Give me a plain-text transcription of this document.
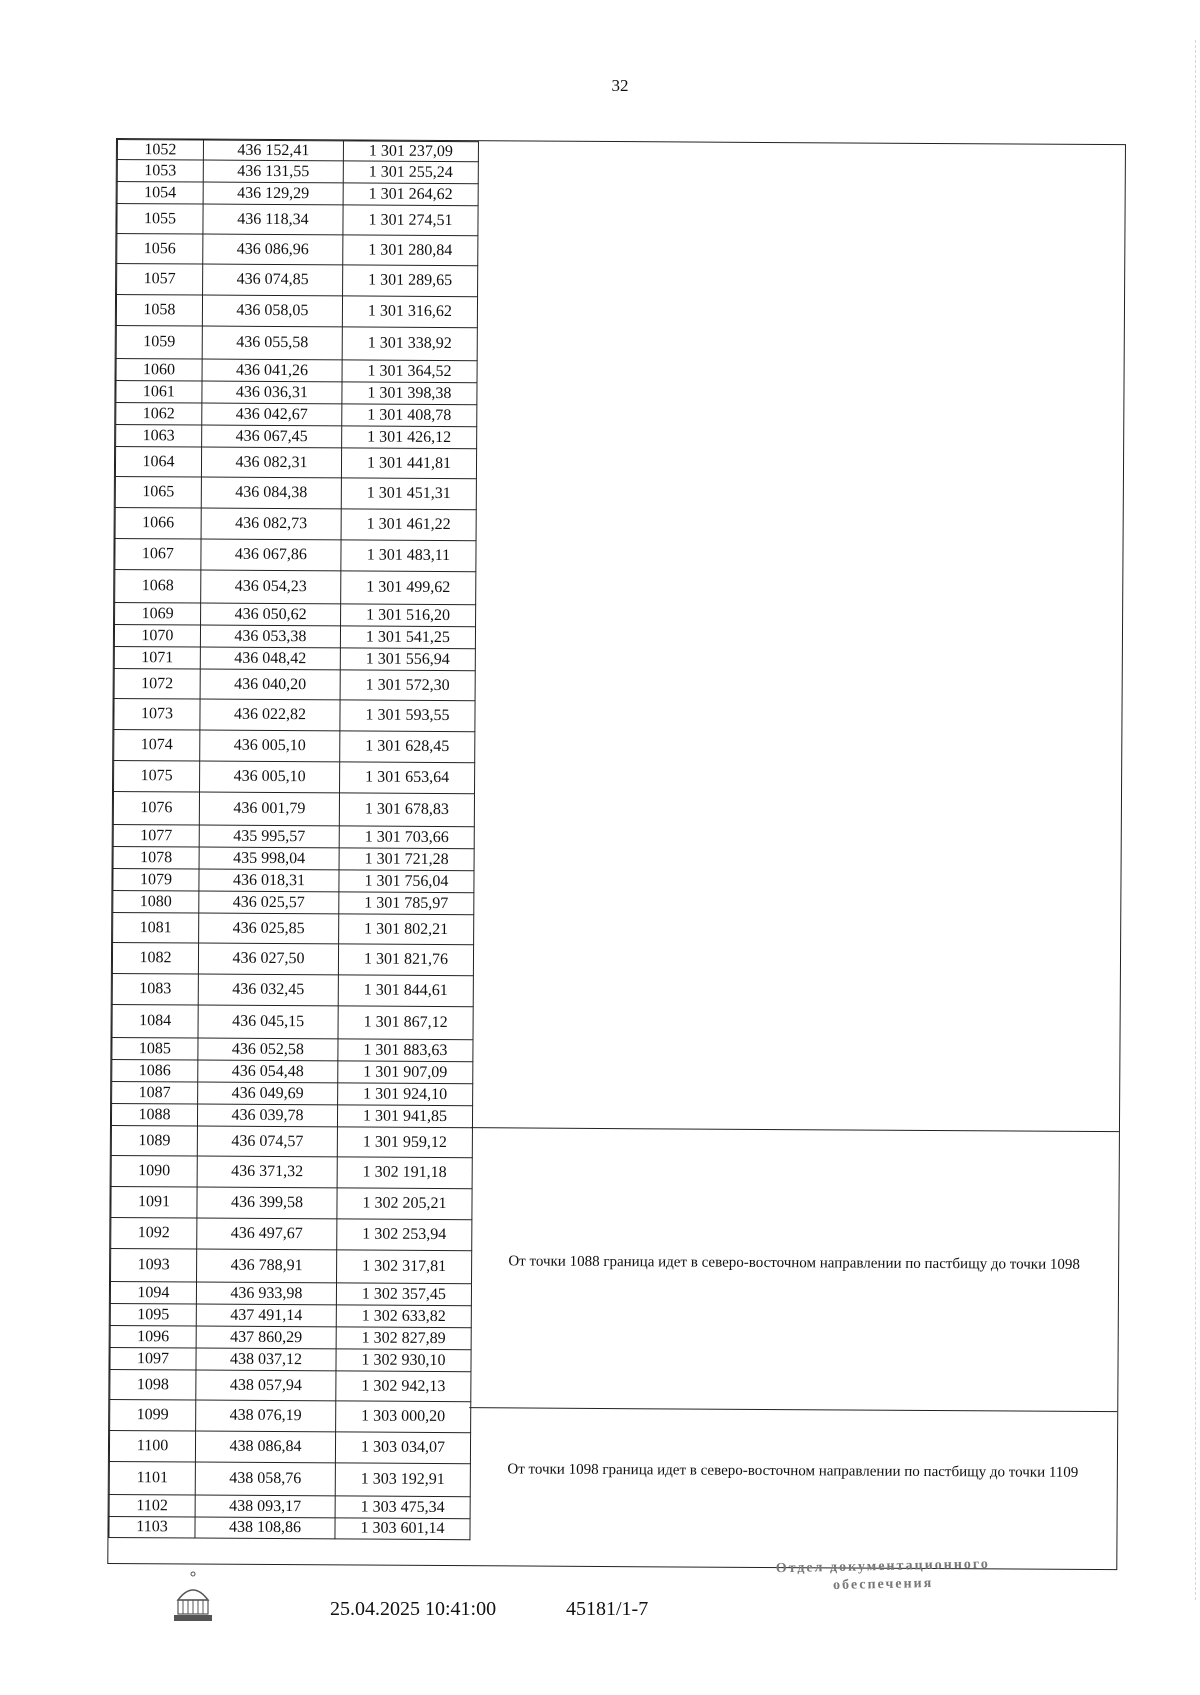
32
1052	436 152,41	1 301 237,09
1053	436 131,55	1 301 255,24
1054	436 129,29	1 301 264,62
1055	436 118,34	1 301 274,51
1056	436 086,96	1 301 280,84
1057	436 074,85	1 301 289,65
1058	436 058,05	1 301 316,62
1059	436 055,58	1 301 338,92
1060	436 041,26	1 301 364,52
1061	436 036,31	1 301 398,38
1062	436 042,67	1 301 408,78
1063	436 067,45	1 301 426,12
1064	436 082,31	1 301 441,81
1065	436 084,38	1 301 451,31
1066	436 082,73	1 301 461,22
1067	436 067,86	1 301 483,11
1068	436 054,23	1 301 499,62
1069	436 050,62	1 301 516,20
1070	436 053,38	1 301 541,25
1071	436 048,42	1 301 556,94
1072	436 040,20	1 301 572,30
1073	436 022,82	1 301 593,55
1074	436 005,10	1 301 628,45
1075	436 005,10	1 301 653,64
1076	436 001,79	1 301 678,83
1077	435 995,57	1 301 703,66
1078	435 998,04	1 301 721,28
1079	436 018,31	1 301 756,04
1080	436 025,57	1 301 785,97
1081	436 025,85	1 301 802,21
1082	436 027,50	1 301 821,76
1083	436 032,45	1 301 844,61
1084	436 045,15	1 301 867,12
1085	436 052,58	1 301 883,63
1086	436 054,48	1 301 907,09
1087	436 049,69	1 301 924,10
1088	436 039,78	1 301 941,85
1089	436 074,57	1 301 959,12
1090	436 371,32	1 302 191,18
1091	436 399,58	1 302 205,21
1092	436 497,67	1 302 253,94
1093	436 788,91	1 302 317,81
1094	436 933,98	1 302 357,45
1095	437 491,14	1 302 633,82
1096	437 860,29	1 302 827,89
1097	438 037,12	1 302 930,10
1098	438 057,94	1 302 942,13
1099	438 076,19	1 303 000,20
1100	438 086,84	1 303 034,07
1101	438 058,76	1 303 192,91
1102	438 093,17	1 303 475,34
1103	438 108,86	1 303 601,14
От точки 1088 граница идет в северо-восточном направлении по пастбищу до точки 1098
От точки 1098 граница идет в северо-восточном направлении по пастбищу до точки 1109
25.04.2025 10:41:00	45181/1-7
Отдел документационного
обеспечения
